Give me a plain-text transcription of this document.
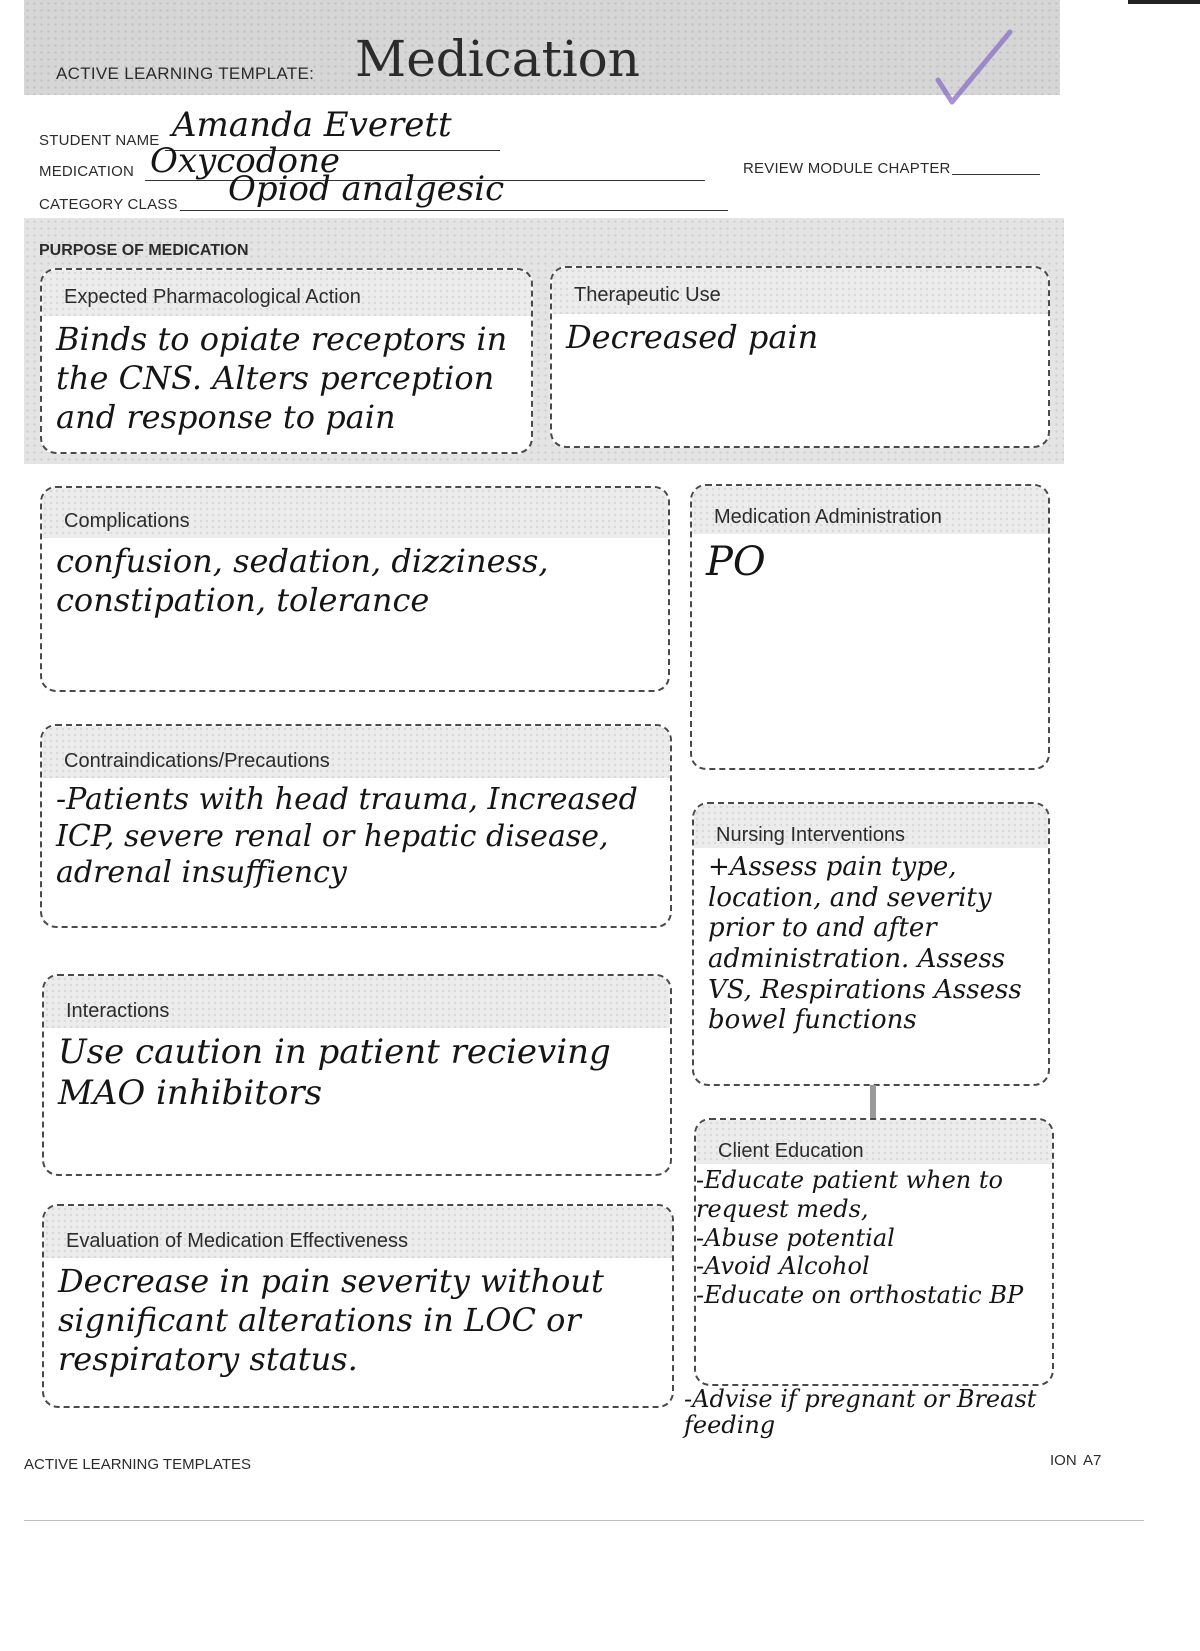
ACTIVE LEARNING TEMPLATE: Medication
STUDENT NAME Amanda Everett
MEDICATION Oxycodone	REVIEW MODULE CHAPTER
CATEGORY CLASS Opiod analgesic
PURPOSE OF MEDICATION
Expected Pharmacological Action
Binds to opiate receptors in the CNS. Alters perception and response to pain
Therapeutic Use
Decreased pain
Complications
confusion, sedation, dizziness, constipation, tolerance
Medication Administration
PO
Contraindications/Precautions
-Patients with head trauma, Increased ICP, severe renal or hepatic disease, adrenal insuffiency
Nursing Interventions
+Assess pain type, location, and severity prior to and after administration. Assess VS, Respirations Assess bowel functions
Interactions
Use caution in patient recieving MAO inhibitors
Client Education
-Educate patient when to request meds,
-Abuse potential
-Avoid Alcohol
-Educate on orthostatic BP
-Advise if pregnant or Breast feeding
Evaluation of Medication Effectiveness
Decrease in pain severity without significant alterations in LOC or respiratory status.
ACTIVE LEARNING TEMPLATES	ION A7
